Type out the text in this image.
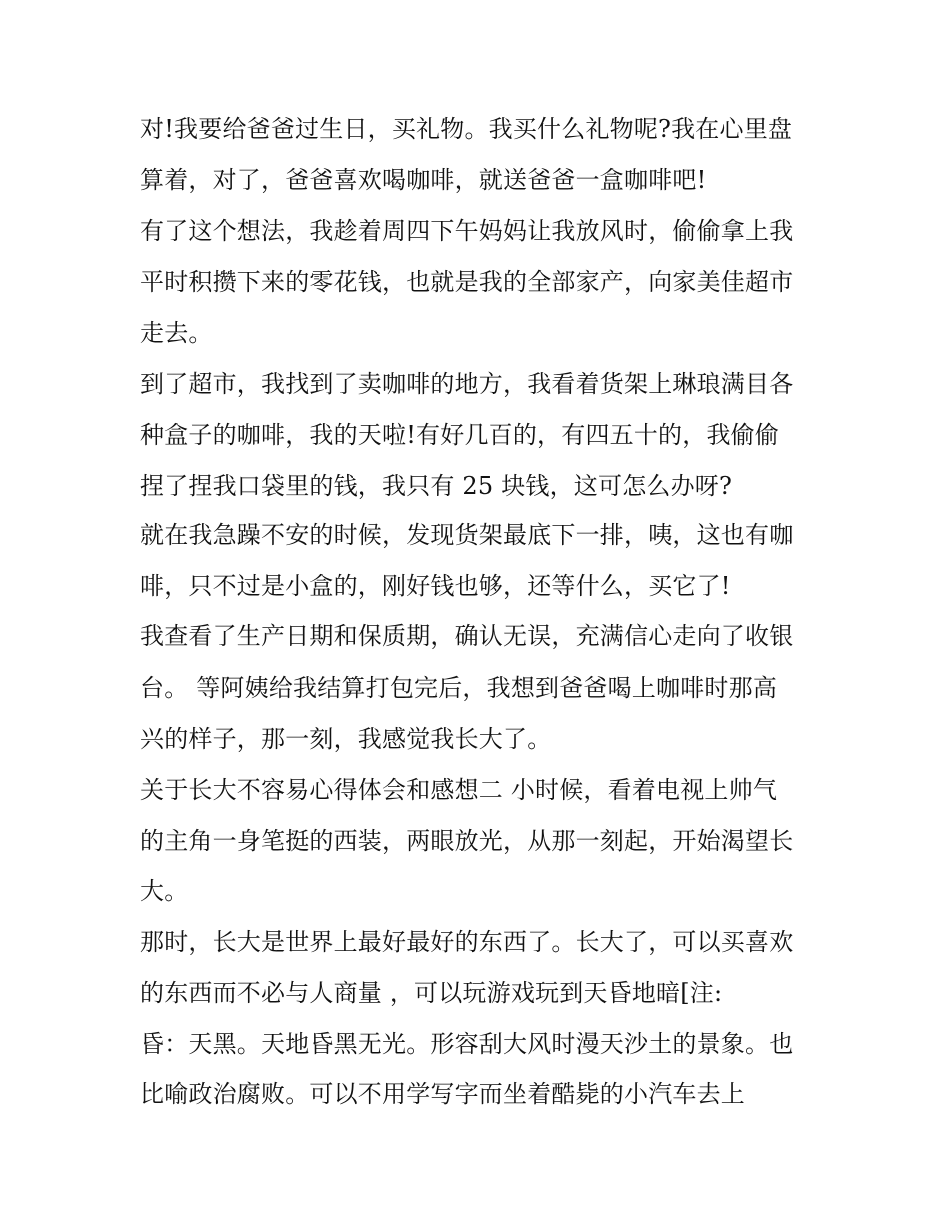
对!我要给爸爸过生日，买礼物。我买什么礼物呢?我在心里盘
算着，对了，爸爸喜欢喝咖啡，就送爸爸一盒咖啡吧!
有了这个想法，我趁着周四下午妈妈让我放风时，偷偷拿上我
平时积攒下来的零花钱，也就是我的全部家产，向家美佳超市
走去。
到了超市，我找到了卖咖啡的地方，我看着货架上琳琅满目各
种盒子的咖啡，我的天啦!有好几百的，有四五十的，我偷偷
捏了捏我口袋里的钱，我只有 25 块钱，这可怎么办呀?
就在我急躁不安的时候，发现货架最底下一排，咦，这也有咖
啡，只不过是小盒的，刚好钱也够，还等什么，买它了!
我查看了生产日期和保质期，确认无误，充满信心走向了收银
台。 等阿姨给我结算打包完后，我想到爸爸喝上咖啡时那高
兴的样子，那一刻，我感觉我长大了。
关于长大不容易心得体会和感想二 小时候，看着电视上帅气
的主角一身笔挺的西装，两眼放光，从那一刻起，开始渴望长
大。
那时，长大是世界上最好最好的东西了。长大了，可以买喜欢
的东西而不必与人商量 ，可以玩游戏玩到天昏地暗[注:
昏：天黑。天地昏黑无光。形容刮大风时漫天沙土的景象。也
比喻政治腐败。可以不用学写字而坐着酷毙的小汽车去上
